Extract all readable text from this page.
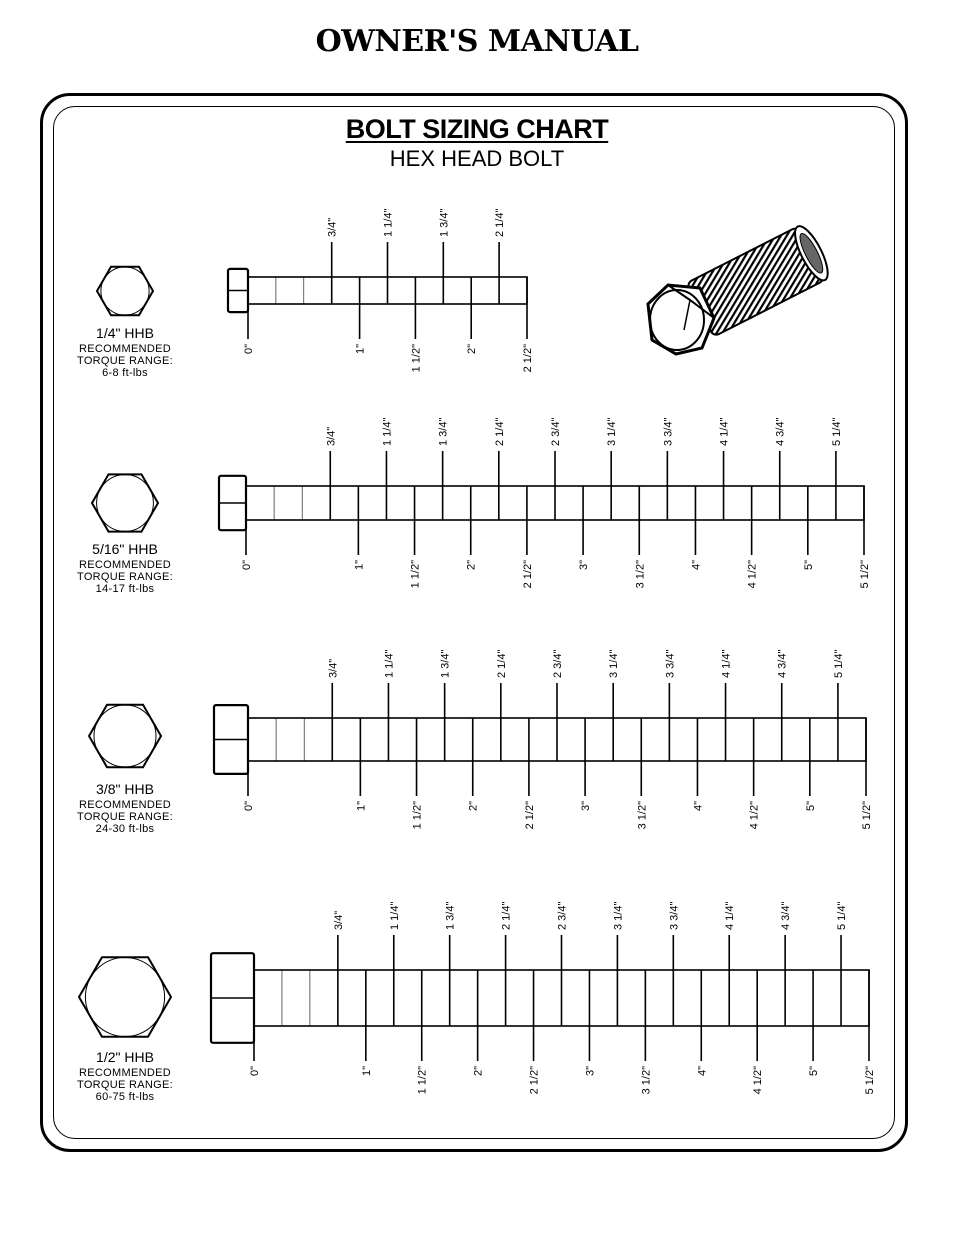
OWNER'S MANUAL
BOLT SIZING CHART
HEX HEAD BOLT
3/4"	1 1/4"	1 3/4"	2 1/4"
0"	1"	1 1/2"	2"	2 1/2"
3/4"	1 1/4"	1 3/4"	2 1/4"	2 3/4"	3 1/4"	3 3/4"	4 1/4"	4 3/4"	5 1/4"
0"	1"	1 1/2"	2"	2 1/2"	3"	3 1/2"	4"	4 1/2"	5"	5 1/2"
3/4"	1 1/4"	1 3/4"	2 1/4"	2 3/4"	3 1/4"	3 3/4"	4 1/4"	4 3/4"	5 1/4"
0"	1"	1 1/2"	2"	2 1/2"	3"	3 1/2"	4"	4 1/2"	5"	5 1/2"
3/4"	1 1/4"	1 3/4"	2 1/4"	2 3/4"	3 1/4"	3 3/4"	4 1/4"	4 3/4"	5 1/4"
0"	1"	1 1/2"	2"	2 1/2"	3"	3 1/2"	4"	4 1/2"	5"	5 1/2"
1/4" HHB
RECOMMENDED
TORQUE RANGE:
6-8 ft-lbs
5/16" HHB
RECOMMENDED
TORQUE RANGE:
14-17 ft-lbs
3/8" HHB
RECOMMENDED
TORQUE RANGE:
24-30 ft-lbs
1/2" HHB
RECOMMENDED
TORQUE RANGE:
60-75 ft-lbs
